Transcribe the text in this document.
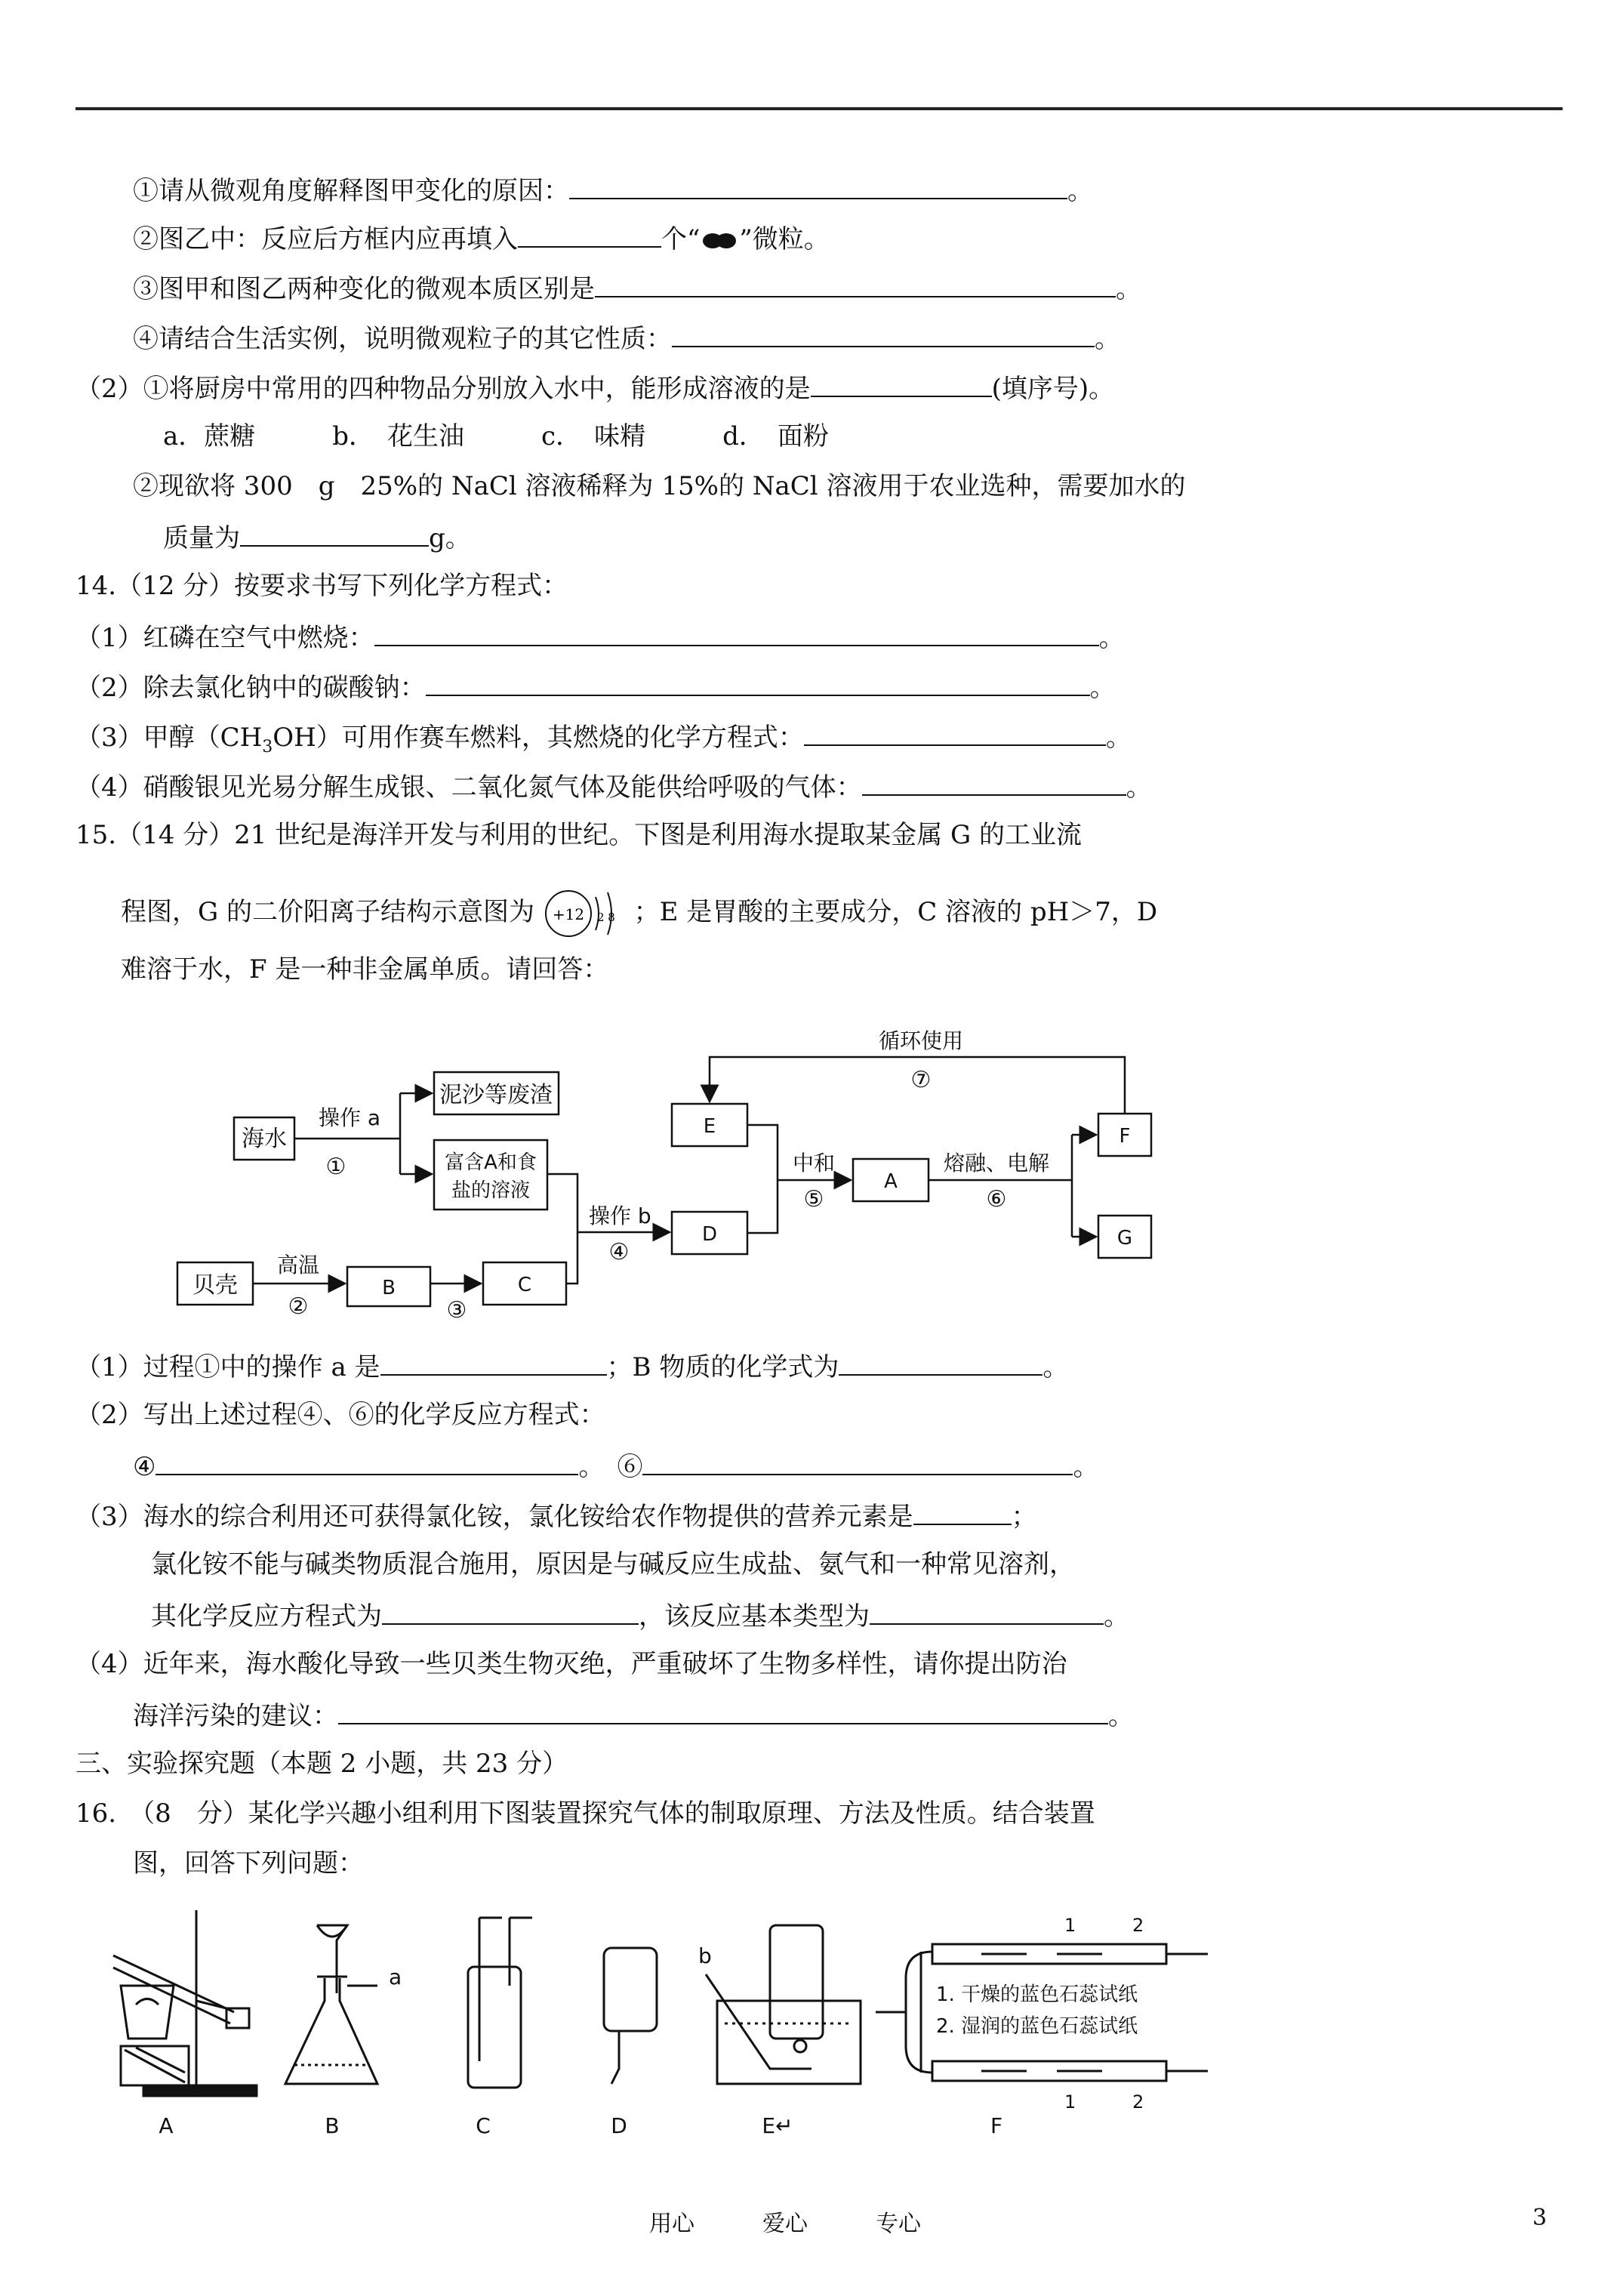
①请从微观角度解释图甲变化的原因：	。
②图乙中：反应后方框内应再填入	个“ ”微粒。
③图甲和图乙两种变化的微观本质区别是	。
④请结合生活实例，说明微观粒子的其它性质：	。
（2）①将厨房中常用的四种物品分别放入水中，能形成溶液的是	(填序号)。
a．蔗糖　　　b．　花生油　　　c．　味精　　　d．　面粉
②现欲将 300　g　25%的 NaCl 溶液稀释为 15%的 NaCl 溶液用于农业选种，需要加水的
质量为	g。
14.（12 分）按要求书写下列化学方程式：
（1）红磷在空气中燃烧：	。
（2）除去氯化钠中的碳酸钠：	。
（3）甲醇$(CH_3OH)$可用作赛车燃料，其燃烧的化学方程式：	。
（4）硝酸银见光易分解生成银、二氧化氮气体及能供给呼吸的气体：	。
15.（14 分）21 世纪是海洋开发与利用的世纪。下图是利用海水提取某金属 G 的工业流
程图，G 的二价阳离子结构示意图为 +12 2 8 ；E 是胃酸的主要成分，C 溶液的 pH＞7，D
难溶于水，F 是一种非金属单质。请回答：
海水
操作 a
①
泥沙等废渣
富含A和食
盐的溶液
操作 b
④
贝壳
高温
②
B
③
C
E
D
中和
⑤
A
熔融、电解
⑥
F
G
循环使用
⑦
（1）过程①中的操作 a 是	；B 物质的化学式为	。
（2）写出上述过程④、⑥的化学反应方程式：
④	。　 ⑥	。
（3）海水的综合利用还可获得氯化铵，氯化铵给农作物提供的营养元素是	；
氯化铵不能与碱类物质混合施用，原因是与碱反应生成盐、氨气和一种常见溶剂，
其化学反应方程式为	，该反应基本类型为	。
（4）近年来，海水酸化导致一些贝类生物灭绝，严重破坏了生物多样性，请你提出防治
海洋污染的建议：	。
三、实验探究题（本题 2 小题，共 23 分）
16.　（8　分）某化学兴趣小组利用下图装置探究气体的制取原理、方法及性质。结合装置
图，回答下列问题：
A	B
a
C	D	E↵
b
F
1	2
1	2
1. 干燥的蓝色石蕊试纸
2. 湿润的蓝色石蕊试纸
用心　　　爱心　　　专心	3
